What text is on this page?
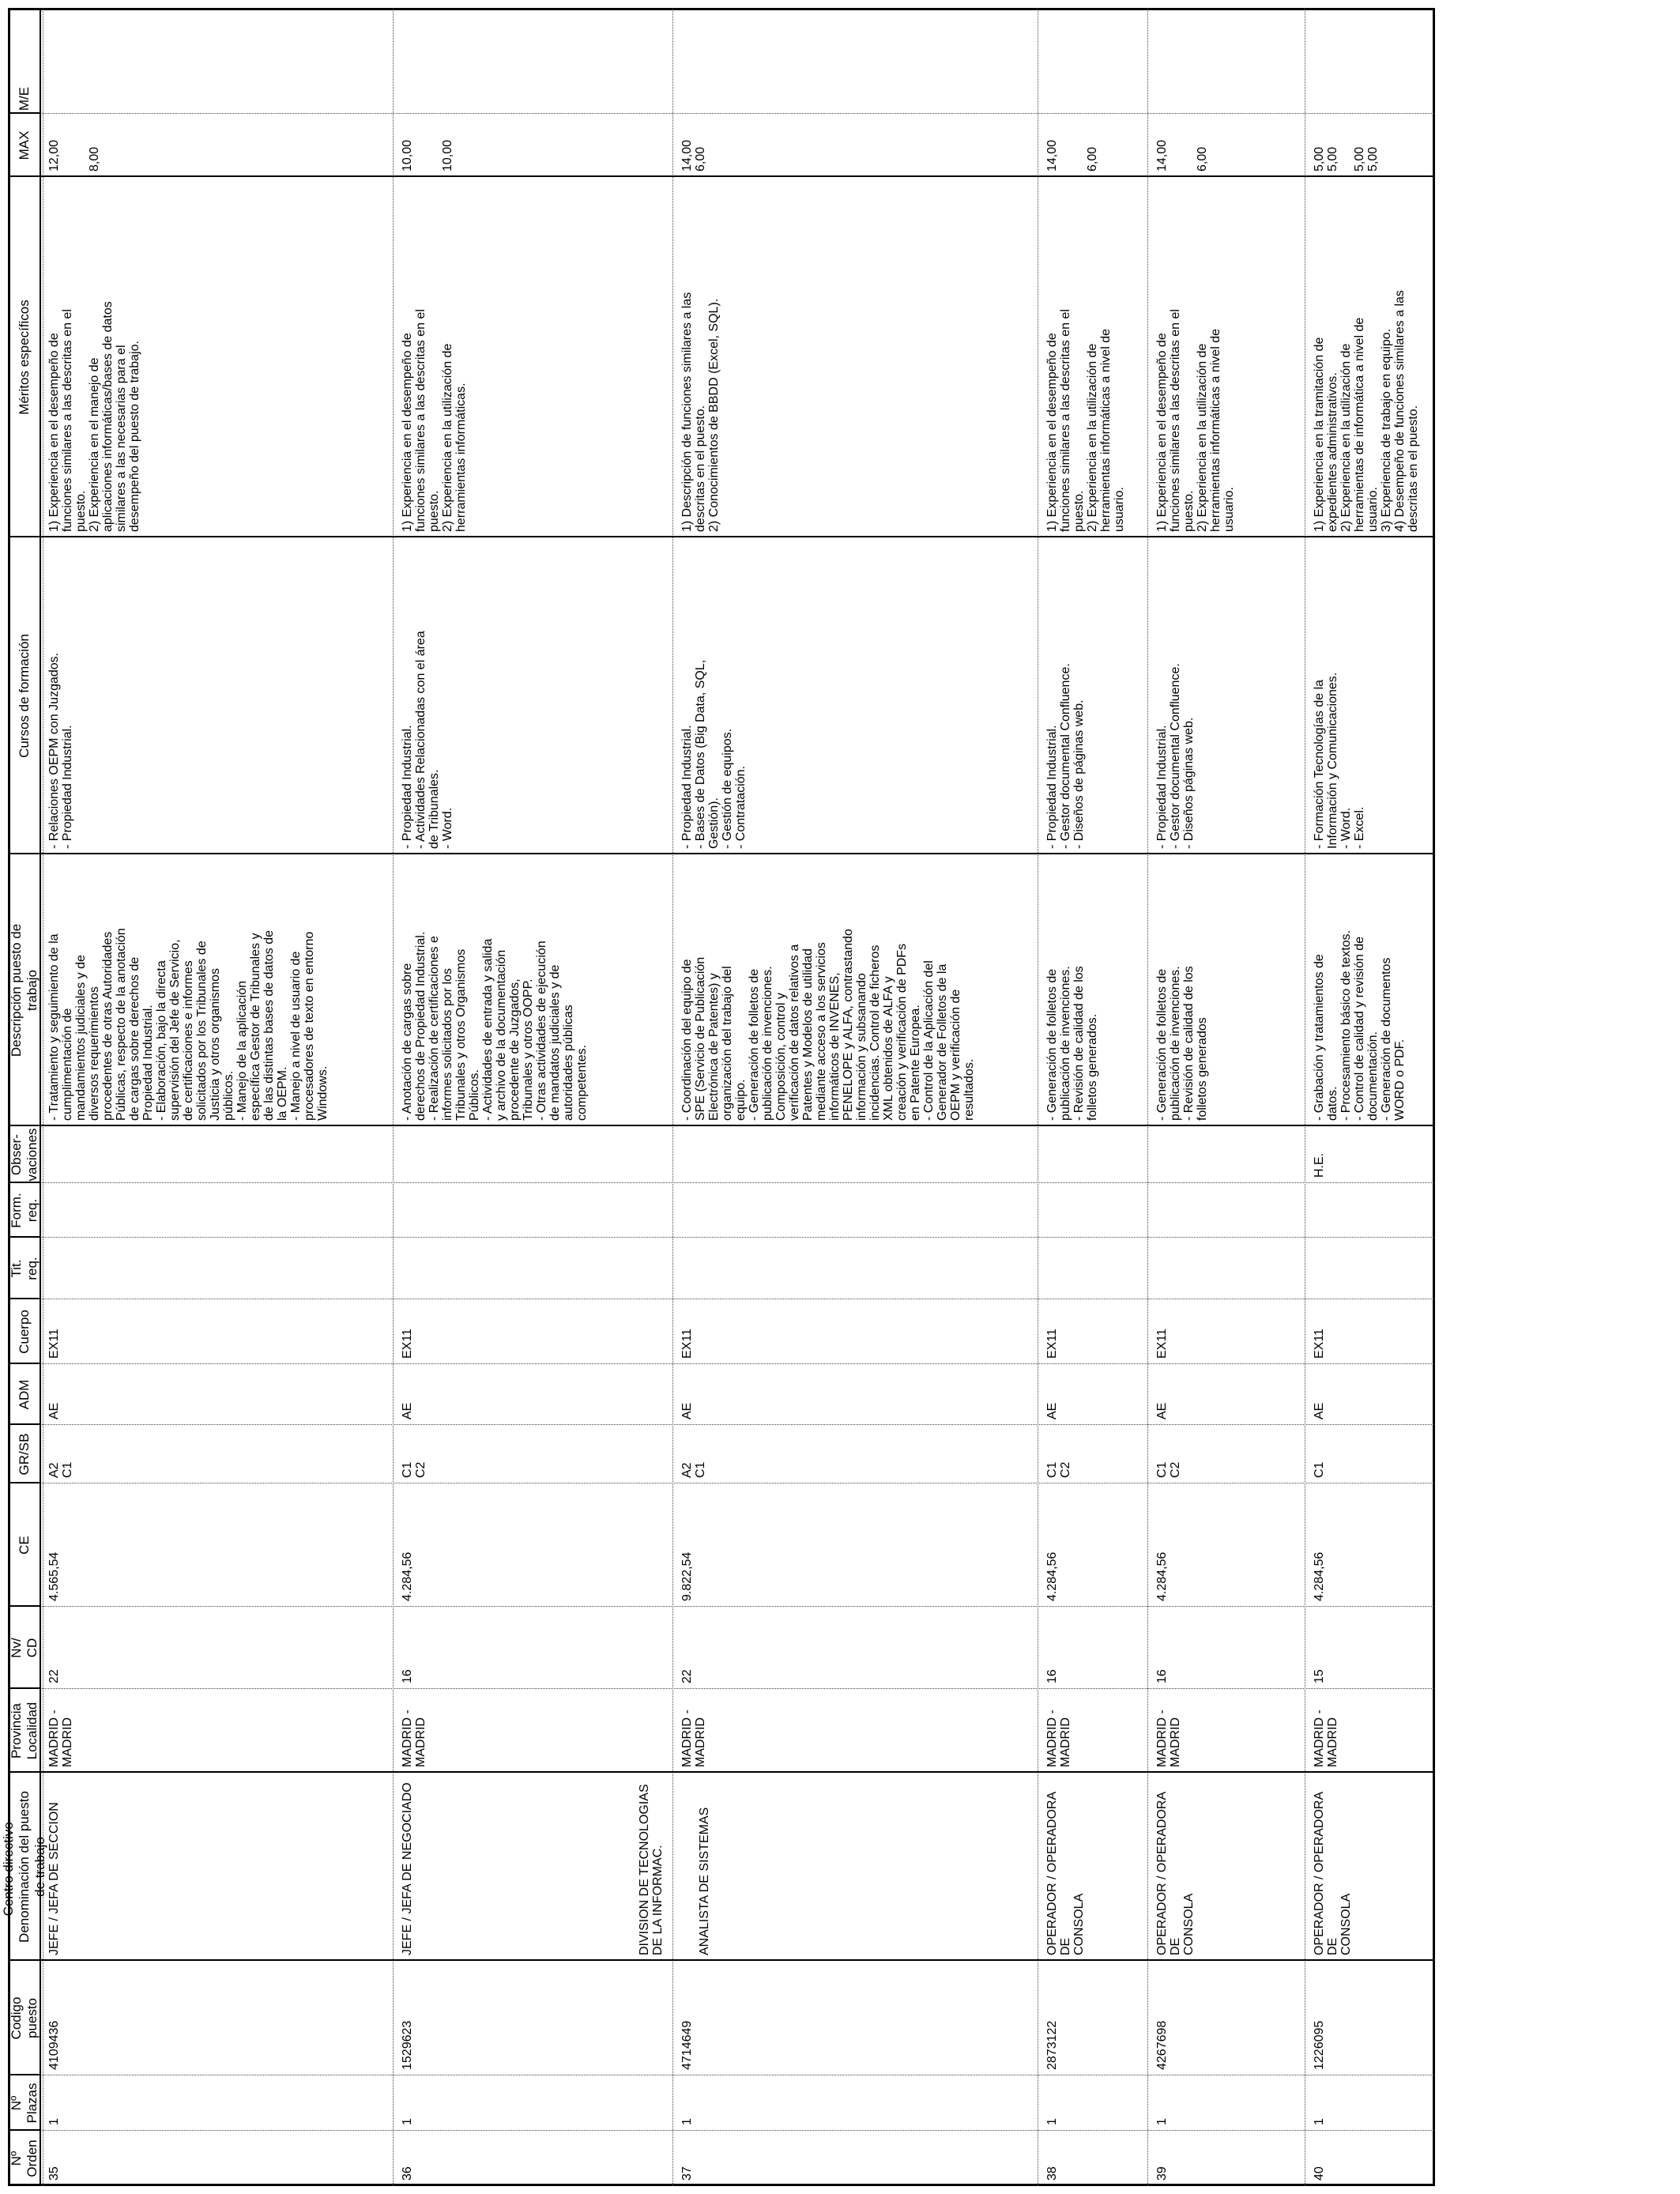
Nº
Orden
Nº
Plazas
Codigo
puesto
Centro directivo-
Denominación del puesto
de trabajo
Provincia
Localidad
Nv/
CD
CE
GR/SB
ADM
Cuerpo
Tit.
req.
Form.
req.
Obser-
vaciones
Descripción puesto de
trabajo
Cursos de formación
Méritos específicos
MAX
M/E
35
1
4109436
JEFE / JEFA DE SECCION
MADRID -
MADRID
22
4.565,54
A2
C1
AE
EX11
- Tratamiento y seguimiento de la
cumplimentación de
mandamientos judiciales y de
diversos requerimientos
procedentes de otras Autoridades
Públicas, respecto de la anotación
de cargas sobre derechos de
Propiedad Industrial.
- Elaboración, bajo la directa
supervisión del Jefe de Servicio,
de certificaciones e informes
solicitados por los Tribunales de
Justicia y otros organismos
públicos.
- Manejo de la aplicación
específica Gestor de Tribunales y
de las distintas bases de datos de
la OEPM.
- Manejo a nivel de usuario de
procesadores de texto en entorno
Windows.
- Relaciones OEPM con Juzgados.
- Propiedad Industrial.
1) Experiencia en el desempeño de
funciones similares a las descritas en el
puesto.
2) Experiencia en el manejo de
aplicaciones informáticas/bases de datos
similares a las necesarias para el
desempeño del puesto de trabajo.
12,00

8,00
36
1
1529623
JEFE / JEFA DE NEGOCIADO
MADRID -
MADRID
16
4.284,56
C1
C2
AE
EX11
- Anotación de cargas sobre
derechos de Propiedad Industrial.
- Realización de certificaciones e
informes solicitados por los
Tribunales y otros Organismos
Públicos.
- Actividades de entrada y salida
y archivo de la documentación
procedente de Juzgados,
Tribunales y otros OOPP.
- Otras actividades de ejecución
de mandatos judiciales y de
autoridades públicas
competentes.
- Propiedad Industrial.
- Actividades Relacionadas con el área
de Tribunales.
- Word.
1) Experiencia en el desempeño de
funciones similares a las descritas en el
puesto.
2) Experiencia en la utilización de
herramientas informáticas.
10,00

10,00
37
1
4714649
ANALISTA DE SISTEMAS
MADRID -
MADRID
22
9.822,54
A2
C1
AE
EX11
- Coordinación del equipo de
SPE (Servicio de Publicación
Electrónica de Patentes) y
organización del trabajo del
equipo.
- Generación de folletos de
publicación de invenciones.
Composición, control y
verificación de datos relativos a
Patentes y Modelos de utilidad
mediante acceso a los servicios
informáticos de INVENES,
PENELOPE y ALFA, contrastando
información y subsanando
incidencias. Control de ficheros
XML obtenidos de ALFA y
creación y verificación de PDFs
en Patente Europea.
- Control de la Aplicación del
Generador de Folletos de la
OEPM y verificación de
resultados.
- Propiedad Industrial.
- Bases de Datos (Big Data, SQL,
Gestión).
- Gestión de equipos.
- Contratación.
1) Descripción de funciones similares a las
descritas en el puesto.
2) Conocimientos de BBDD (Excel, SQL).
14,00
6,00
38
1
2873122
OPERADOR / OPERADORA DE
CONSOLA
MADRID -
MADRID
16
4.284,56
C1
C2
AE
EX11
- Generación de folletos de
publicación de invenciones.
- Revisión de calidad de los
folletos generados.
- Propiedad Industrial.
- Gestor documental Confluence.
- Diseños de páginas web.
1) Experiencia en el desempeño de
funciones similares a las descritas en el
puesto.
2) Experiencia en la utilización de
herramientas informáticas a nivel de
usuario.
14,00

6,00
39
1
4267698
OPERADOR / OPERADORA DE
CONSOLA
MADRID -
MADRID
16
4.284,56
C1
C2
AE
EX11
- Generación de folletos de
publicación de invenciones.
- Revisión de calidad de los
folletos generados
- Propiedad Industrial.
- Gestor documental Confluence.
- Diseños páginas web.
1) Experiencia en el desempeño de
funciones similares a las descritas en el
puesto.
2) Experiencia en la utilización de
herramientas informáticas a nivel de
usuario.
14,00

6,00
40
1
1226095
OPERADOR / OPERADORA DE
CONSOLA
MADRID -
MADRID
15
4.284,56
C1
AE
EX11
H.E.
- Grabación y tratamientos de
datos.
- Procesamiento básico de textos.
- Control de calidad y revisión de
documentación.
- Generación de documentos
WORD o PDF.
- Formación Tecnologías de la
Información y Comunicaciones.
- Word.
- Excel.
1) Experiencia en la tramitación de
expedientes administrativos.
2) Experiencia en la utilización de
herramientas de informática a nivel de
usuario.
3) Experiencia de trabajo en equipo.
4) Desempeño de funciones similares a las
descritas en el puesto.
5,00
5,00

5,00
5,00
DIVISION DE TECNOLOGIAS
DE LA INFORMAC.
